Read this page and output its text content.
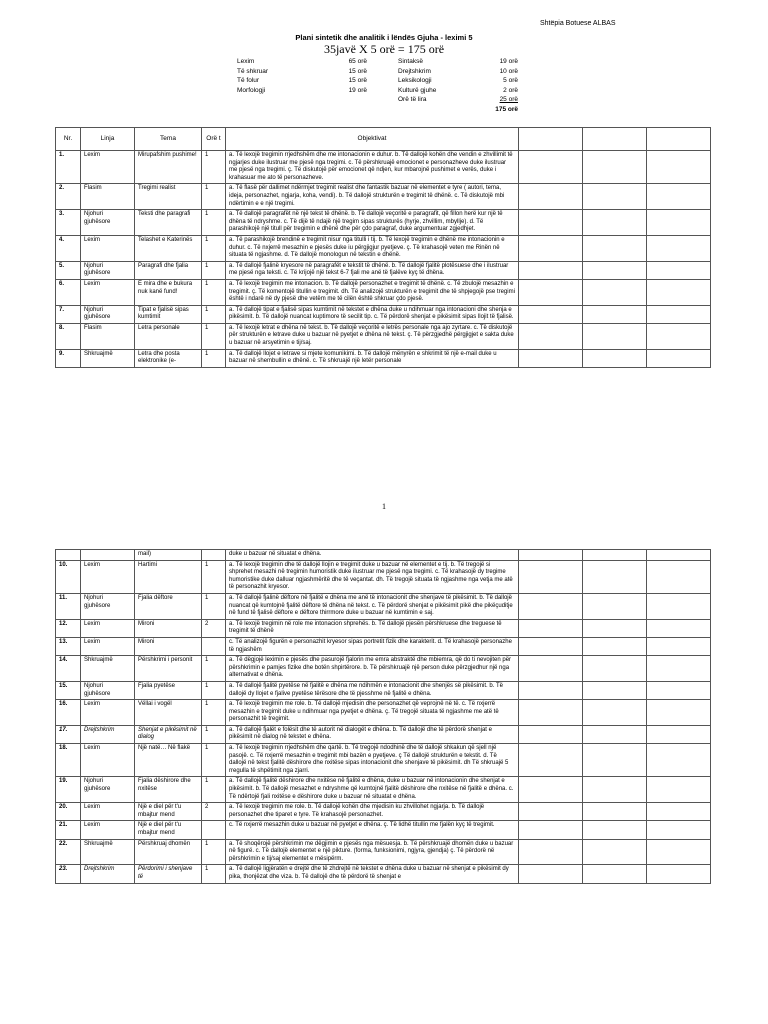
Shtëpia Botuese ALBAS
Plani sintetik dhe analitik i lëndës Gjuha - leximi 5
35javë X 5 orë = 175 orë
Lexim	65 orë
Të shkruar	15 orë
Të folur	15 orë
Morfologji	19 orë
Sintaksë	19 orë
Drejtshkrim	10 orë
Leksikologji	5 orë
Kulturë gjuhe	2 orë
Orë të lira	25 orë
175 orë
Nr.	Linja	Tema	Orë t	Objektivat			
1.	Lexim	Mirupafshim pushime!	1	a. Të lexojë tregimin rrjedhshëm dhe me intonacionin e duhur. b. Të dallojë kohën dhe vendin e zhvillimit të ngjarjes duke ilustruar me pjesë nga tregimi. c. Të përshkruajë emocionet e personazheve duke ilustruar me pjesë nga tregimi. ç. Të diskutojë për emocionet që ndjen, kur mbarojnë pushimet e verës, duke i krahasuar me ato të personazheve.			
2.	Flasim	Tregimi realist	1	a. Të flasë për dallimet ndërmjet tregimit realist dhe fantastik bazuar në elementet e tyre ( autori, tema, ideja, personazhet, ngjarja, koha, vendi). b. Të dallojë strukturën e tregimit të dhënë. c. Të diskutojë mbi ndërtimin e e një tregimi.			
3.	Njohuri gjuhësore	Teksti dhe paragrafi	1	a. Të dallojë paragrafët në një tekst të dhënë. b. Të dallojë veçoritë e paragrafit, që fillon herë kur një të dhëna të ndryshme. c. Të dijë të ndajë një tregim sipas strukturës (hyrje, zhvillim, mbyllje). d. Të parashikojë një titull për tregimin e dhënë dhe për çdo paragraf, duke argumentuar zgjedhjet.			
4.	Lexim	Telashet e Katerinës	1	a. Të parashikojë brendinë e tregimit nisur nga titulli i tij. b. Të lexojë tregimin e dhënë me intonacionin e duhur. c. Të nxjerrë mesazhin e pjesës duke iu përgjigjur pyetjeve. ç. Të krahasojë veten me Rinën në situata të ngjashme. d. Të dallojë monologun në tekstin e dhënë.			
5.	Njohuri gjuhësore	Paragrafi dhe fjalia	1	a. Të dallojë fjalinë kryesore në paragrafët e tekstit të dhënë. b. Të dallojë fjalitë plotësuese dhe i ilustruar me pjesë nga teksti. c. Të krijojë një tekst 6-7 fjali me anë të fjalëve kyç të dhëna.			
6.	Lexim	E mira dhe e bukura nuk kanë fund!	1	a. Të lexojë tregimin me intonacion. b. Të dallojë personazhet e tregimit të dhënë. c. Të zbulojë mesazhin e tregimit. ç. Të komentojë titullin e tregimit. dh. Të analizojë strukturën e tregimit dhe të shpjegojë pse tregimi është i ndarë në dy pjesë dhe vetëm me të cilën është shkruar çdo pjesë.			
7.	Njohuri gjuhësore	Tipat e fjalisë sipas kumtimit	1	a. Të dallojë tipat e fjalisë sipas kumtimit në tekstet e dhëna duke u ndihmuar nga intonacioni dhe shenja e pikësimit. b. Të dallojë nuancat kuptimore të secilit tip. c. Të përdorë shenjat e pikësimit sipas llojit të fjalisë.			
8.	Flasim	Letra personale	1	a. Të lexojë letrat e dhëna në tekst. b. Të dallojë veçoritë e letrës personale nga ajo zyrtare. c. Të diskutojë për strukturën e letrave duke u bazuar në pyetjet e dhëna në tekst. ç. Të përzgjedhë përgjigjet e sakta duke u bazuar në arsyetimin e tij/saj.			
9.	Shkruajmë	Letra dhe posta elektronike (e-	1	a. Të dallojë llojet e letrave si mjete komunikimi. b. Të dallojë mënyrën e shkrimit të një e-mail duke u bazuar në shembullin e dhënë. c. Të shkruajë një letër personale			
1
		mail)		duke u bazuar në situatat e dhëna.			
10.	Lexim	Hartimi	1	a. Të lexojë tregimin dhe të dallojë llojin e tregimit duke u bazuar në elementet e tij. b. Të tregojë si shprehet mesazhi në tregimin humoristik duke ilustruar me pjesë nga tregimi. c. Të krahasojë dy tregime humoristike duke dalluar ngjashmëritë dhe të veçantat. dh. Të tregojë situata të ngjashme nga vetja me atë të personazhit kryesor.			
11.	Njohuri gjuhësore	Fjalia dëftore	1	a. Të dallojë fjalinë dëftore në fjalitë e dhëna me anë të intonacionit dhe shenjave të pikësimit. b. Të dallojë nuancat që kumtojnë fjalitë dëftore të dhëna në tekst. c. Të përdorë shenjat e pikësimit pikë dhe pikëçuditje në fund të fjalisë dëftore e dëftore thirrmore duke u bazuar në kumtimin e saj.			
12.	Lexim	Mironi	2	a. Të lexojë tregimin në role me intonacion shprehës. b. Të dallojë pjesën përshkruese dhe treguese të tregimit të dhënë			
13.	Lexim	Mironi		c. Të analizojë figurën e personazhit kryesor sipas portretit fizik dhe karakterit. d. Të krahasojë personazhe të ngjashëm			
14.	Shkruajmë	Përshkrimi i personit	1	a. Të dëgjojë leximin e pjesës dhe pasurojë fjalorin me emra abstraktë dhe mbiemra, që do ti nevojiten për përshkrimin e pamjes fizike dhe botën shpirtërore. b. Të përshkruajë një person duke përzgjedhur një nga alternativat e dhëna.			
15.	Njohuri gjuhësore	Fjalia pyetëse	1	a. Të dallojë fjalitë pyetëse në fjalitë e dhëna me ndihmën e intonacionit dhe shenjës së pikësimit. b. Të dallojë dy llojet e fjalive pyetëse tërësore dhe të pjesshme në fjalitë e dhëna.			
16.	Lexim	Vëllai i vogël	1	a. Të lexojë tregimin me role. b. Të dallojë mjedisin dhe personazhet që veprojnë në të. c. Të nxjerrë mesazhin e tregimit duke u ndihmuar nga pyetjet e dhëna. ç. Të tregojë situata të ngjashme me atë të personazhit të tregimit.			
17.	Drejtshkrim	Shenjat e pikësimit në dialog	1	a. Të dallojë fjalët e folësit dhe të autorit në dialogët e dhëna. b. Të dallojë dhe të përdorë shenjat e pikësimit në dialog në tekstet e dhëna.			
18.	Lexim	Një natë… Në flakë	1	a. Të lexojë tregimin rrjedhshëm dhe qartë. b. Të tregojë ndodhinë dhe të dallojë shkakun që sjell një pasojë. c. Të nxjerrë mesazhin e tregimit mbi bazën e pyetjeve. ç Të dallojë strukturën e tekstit. d. Të dallojë në tekst fjalitë dëshirore dhe nxitëse sipas intonacionit dhe shenjave të pikësimit. dh Të shkruajë 5 rregulla të shpëtimit nga zjarri.			
19.	Njohuri gjuhësore	Fjalia dëshirore dhe nxitëse	1	a. Të dallojë fjalitë dëshirore dhe nxitëse në fjalitë e dhëna, duke u bazuar në intonacionin dhe shenjat e pikësimit. b. Të dallojë mesazhet e ndryshme që kumtojnë fjalitë dëshirore dhe nxitëse në fjalitë e dhëna. c. Të ndërtojë fjali nxitëse e dëshirore duke u bazuar në situatat e dhëna.			
20.	Lexim	Një e diel për t'u mbajtur mend	2	a. Të lexojë tregimin me role. b. Të dallojë kohën dhe mjedisin ku zhvillohet ngjarja. b. Të dallojë personazhet dhe tiparet e tyre. Të krahasojë personazhet.			
21.	Lexim	Një e diel për t'u mbajtur mend		c. Të nxjerrë mesazhin duke u bazuar në pyetjet e dhëna. ç. Të lidhë titullin me fjalën kyç të tregimit.			
22.	Shkruajmë	Përshkruaj dhomën	1	a. Të shoqërojë përshkrimin me dëgjimin e pjesës nga mësuesja. b. Të përshkruajë dhomën duke u bazuar në figurë. c. Të dallojë elementet e një pikture. (forma, funksionimi, ngjyra, gjendja) ç. Të përdorë në përshkrimin e tij/saj elementet e mësipërm.			
23.	Drejtshkrim	Përdorimi i shenjave të	1	a. Të dallojë ligjëratën e drejtë dhe të zhdrejtë në tekstet e dhëna duke u bazuar në shenjat e pikësimit dy pika, thonjëzat dhe viza. b. Të dallojë dhe të përdorë të shenjat e			
